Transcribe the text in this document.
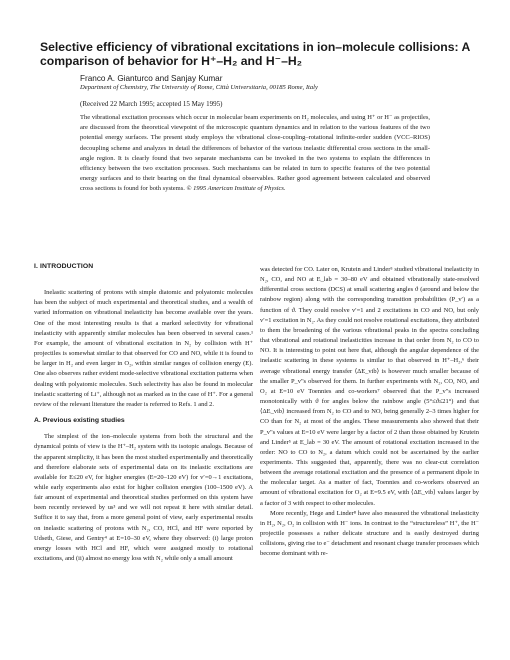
Selective efficiency of vibrational excitations in ion–molecule collisions: A comparison of behavior for H⁺–H₂ and H⁻–H₂
Franco A. Gianturco and Sanjay Kumar
Department of Chemistry, The University of Rome, Città Universitaria, 00185 Rome, Italy
(Received 22 March 1995; accepted 15 May 1995)
The vibrational excitation processes which occur in molecular beam experiments on H₂ molecules, and using H⁺ or H⁻ as projectiles, are discussed from the theoretical viewpoint of the microscopic quantum dynamics and in relation to the various features of the two potential energy surfaces. The present study employs the vibrational close-coupling–rotational infinite-order sudden (VCC–RIOS) decoupling scheme and analyzes in detail the differences of behavior of the various inelastic differential cross sections in the small-angle region. It is clearly found that two separate mechanisms can be invoked in the two systems to explain the differences in efficiency between the two excitation processes. Such mechanisms can be related in turn to specific features of the two potential energy surfaces and to their bearing on the final dynamical observables. Rather good agreement between calculated and observed cross sections is found for both systems. © 1995 American Institute of Physics.
I. INTRODUCTION

Inelastic scattering of protons with simple diatomic and polyatomic molecules has been the subject of much experimental and theoretical studies, and a wealth of varied information on vibrational inelasticity has become available over the years. One of the most interesting results is that a marked selectivity for vibrational inelasticity with apparently similar molecules has been observed in several cases.¹ For example, the amount of vibrational excitation in N₂ by collision with H⁺ projectiles is somewhat similar to that observed for CO and NO, while it is found to be larger in H₂ and even larger in O₂, within similar ranges of collision energy (E). One also observes rather evident mode-selective vibrational excitation patterns when dealing with polyatomic molecules. Such selectivity has also be found in molecular inelastic scattering of Li⁺, although not as marked as in the case of H⁺. For a general review of the relevant literature the reader is referred to Refs. 1 and 2.

A. Previous existing studies

The simplest of the ion–molecule systems from both the structural and the dynamical points of view is the H⁺–H₂ system with its isotopic analogs. Because of the apparent simplicity, it has been the most studied experimentally and theoretically and therefore elaborate sets of experimental data on its inelastic excitations are available for E≤20 eV, for higher energies (E=20–120 eV) for v′=0→1 excitations, while early experiments also exist for higher collision energies (100–1500 eV). A fair amount of experimental and theoretical studies performed on this system have been recently reviewed by us³ and we will not repeat it here with similar detail. Suffice it to say that, from a more general point of view, early experimental results on inelastic scattering of protons with N₂, CO, HCl, and HF were reported by Udseth, Giese, and Gentry⁴ at E=10–30 eV, where they observed: (i) large proton energy losses with HCl and HF, which were assigned mostly to rotational excitations, and (ii) almost no energy loss with N₂ while only a small amount

was detected for CO. Later on, Krutein and Linder⁵ studied vibrational inelasticity in N₂, CO, and NO at E_lab = 30–80 eV and obtained vibrationally state-resolved differential cross sections (DCS) at small scattering angles ϑ (around and below the rainbow region) along with the corresponding transition probabilities (P_v′) as a function of ϑ. They could resolve v′=1 and 2 excitations in CO and NO, but only v′=1 excitation in N₂. As they could not resolve rotational excitations, they attributed to them the broadening of the various vibrational peaks in the spectra concluding that vibrational and rotational inelasticities increase in that order from N₂ to CO to NO. It is interesting to point out here that, although the angular dependence of the inelastic scattering in these systems is similar to that observed in H⁺–H₂,⁶ their average vibrational energy transfer ⟨ΔE_vib⟩ is however much smaller because of the smaller P_v′'s observed for them. In further experiments with N₂, CO, NO, and O₂ at E=10 eV Toennies and co-workers⁷ observed that the P_v′'s increased monotonically with ϑ for angles below the rainbow angle (5°≤ϑ≤21°) and that ⟨ΔE_vib⟩ increased from N₂ to CO and to NO, being generally 2–3 times higher for CO than for N₂ at most of the angles. These measurements also showed that their P_v′'s values at E=10 eV were larger by a factor of 2 than those obtained by Krutein and Linder⁵ at E_lab = 30 eV. The amount of rotational excitation increased in the order: NO to CO to N₂, a datum which could not be ascertained by the earlier experiments. This suggested that, apparently, there was no clear-cut correlation between the average rotational excitation and the presence of a permanent dipole in the molecular target. As a matter of fact, Toennies and co-workers observed an amount of vibrational excitation for O₂ at E=9.5 eV, with ⟨ΔE_vib⟩ values larger by a factor of 3 with respect to other molecules.

More recently, Hege and Linder⁸ have also measured the vibrational inelasticity in H₂, N₂, O₂ in collision with H⁻ ions. In contrast to the “structureless” H⁺, the H⁻ projectile possesses a rather delicate structure and is easily destroyed during collisions, giving rise to e⁻ detachment and resonant charge transfer processes which become dominant with re-
